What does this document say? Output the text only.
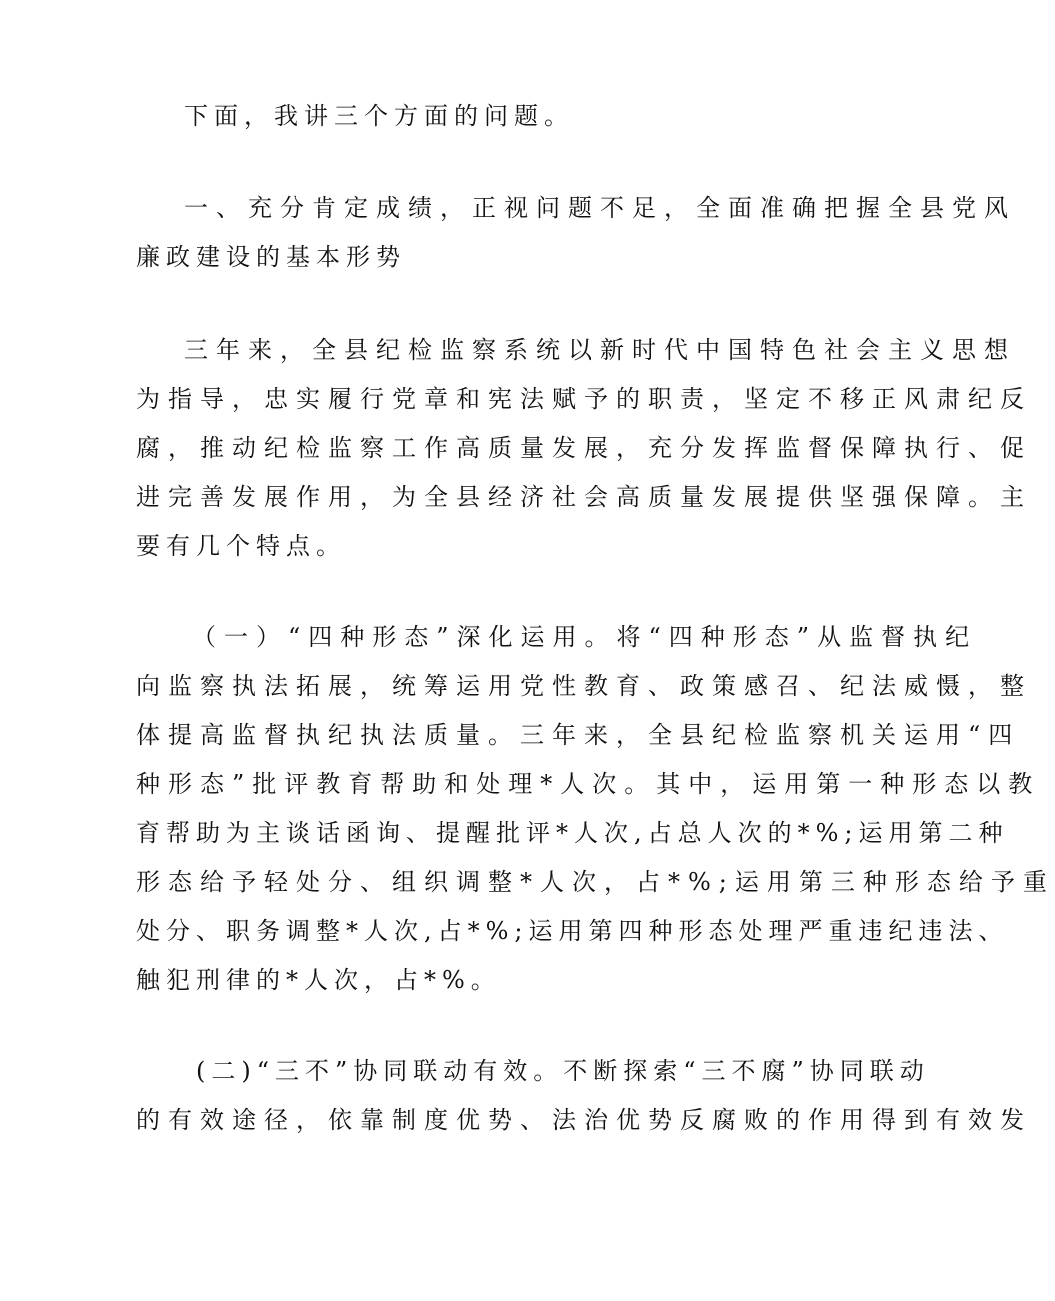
下面，我讲三个方面的问题。
一、充分肯定成绩，正视问题不足，全面准确把握全县党风
廉政建设的基本形势
三年来，全县纪检监察系统以新时代中国特色社会主义思想
为指导，忠实履行党章和宪法赋予的职责，坚定不移正风肃纪反
腐，推动纪检监察工作高质量发展，充分发挥监督保障执行、促
进完善发展作用，为全县经济社会高质量发展提供坚强保障。主
要有几个特点。
（一）“四种形态”深化运用。将“四种形态”从监督执纪
向监察执法拓展，统筹运用党性教育、政策感召、纪法威慑，整
体提高监督执纪执法质量。三年来，全县纪检监察机关运用“四
种形态”批评教育帮助和处理*人次。其中，运用第一种形态以教
育帮助为主谈话函询、提醒批评*人次,占总人次的*%;运用第二种
形态给予轻处分、组织调整*人次，占*%;运用第三种形态给予重
处分、职务调整*人次,占*%;运用第四种形态处理严重违纪违法、
触犯刑律的*人次，占*%。
(二)“三不”协同联动有效。不断探索“三不腐”协同联动
的有效途径，依靠制度优势、法治优势反腐败的作用得到有效发
